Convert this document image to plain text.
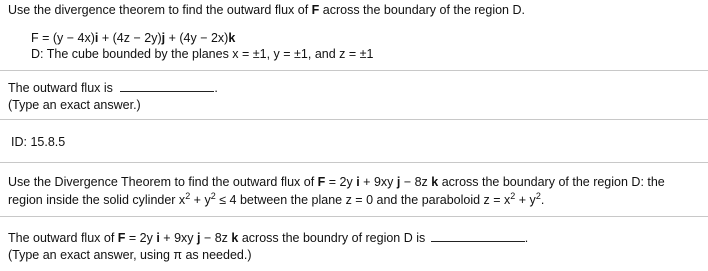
Use the divergence theorem to find the outward flux of F across the boundary of the region D.
F = (y − 4x)i + (4z − 2y)j + (4y − 2x)k
D: The cube bounded by the planes x = ±1, y = ±1, and z = ±1
The outward flux is	.
(Type an exact answer.)
ID: 15.8.5
Use the Divergence Theorem to find the outward flux of F = 2y i + 9xy j − 8z k across the boundary of the region D: the
region inside the solid cylinder $x^2 + y^2 \le 4$ between the plane z = 0 and the paraboloid $z = x^2 + y^2$.
The outward flux of F = 2y i + 9xy j − 8z k across the boundry of region D is	.
(Type an exact answer, using π as needed.)
